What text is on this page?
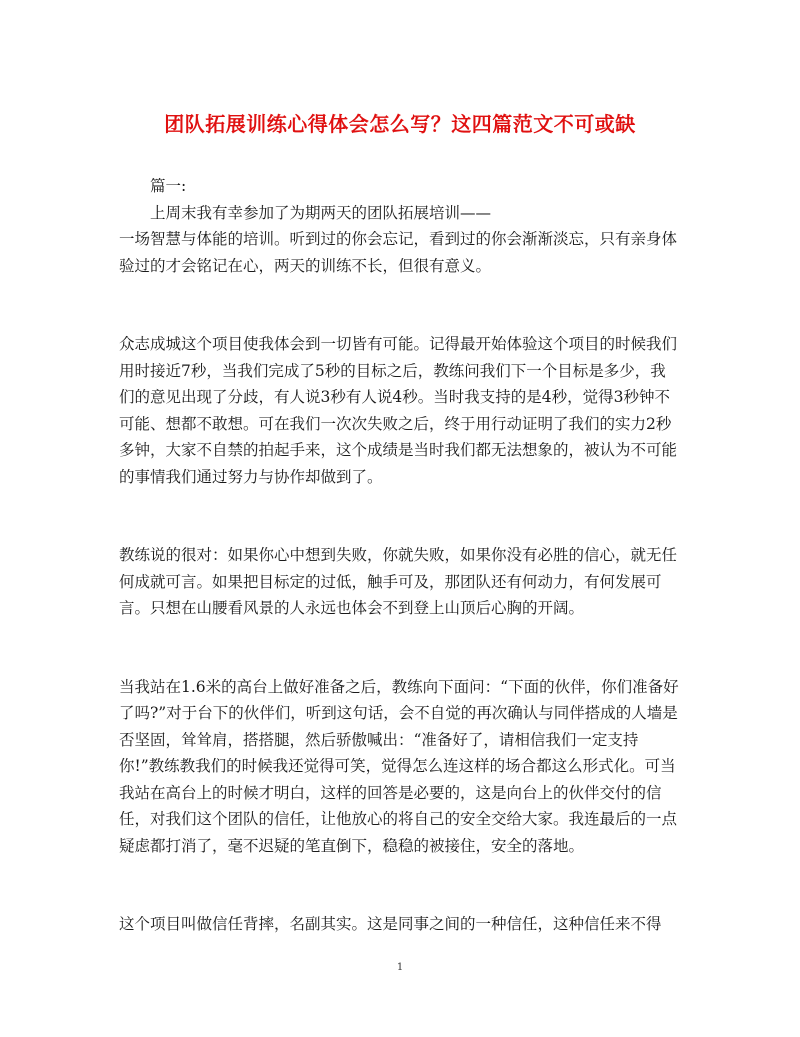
团队拓展训练心得体会怎么写？这四篇范文不可或缺

篇一:

上周末我有幸参加了为期两天的团队拓展培训——

一场智慧与体能的培训。听到过的你会忘记，看到过的你会渐渐淡忘，只有亲身体验过的才会铭记在心，两天的训练不长，但很有意义。

众志成城这个项目使我体会到一切皆有可能。记得最开始体验这个项目的时候我们用时接近7秒，当我们完成了5秒的目标之后，教练问我们下一个目标是多少，我们的意见出现了分歧，有人说3秒有人说4秒。当时我支持的是4秒，觉得3秒钟不可能、想都不敢想。可在我们一次次失败之后，终于用行动证明了我们的实力2秒多钟，大家不自禁的拍起手来，这个成绩是当时我们都无法想象的，被认为不可能的事情我们通过努力与协作却做到了。

教练说的很对：如果你心中想到失败，你就失败，如果你没有必胜的信心，就无任何成就可言。如果把目标定的过低，触手可及，那团队还有何动力，有何发展可言。只想在山腰看风景的人永远也体会不到登上山顶后心胸的开阔。

当我站在1.6米的高台上做好准备之后，教练向下面问：“下面的伙伴，你们准备好了吗?”对于台下的伙伴们，听到这句话，会不自觉的再次确认与同伴搭成的人墙是否坚固，耸耸肩，搭搭腿，然后骄傲喊出：“准备好了，请相信我们一定支持你!”教练教我们的时候我还觉得可笑，觉得怎么连这样的场合都这么形式化。可当我站在高台上的时候才明白，这样的回答是必要的，这是向台上的伙伴交付的信任，对我们这个团队的信任，让他放心的将自己的安全交给大家。我连最后的一点疑虑都打消了，毫不迟疑的笔直倒下，稳稳的被接住，安全的落地。

这个项目叫做信任背摔，名副其实。这是同事之间的一种信任，这种信任来不得

1
